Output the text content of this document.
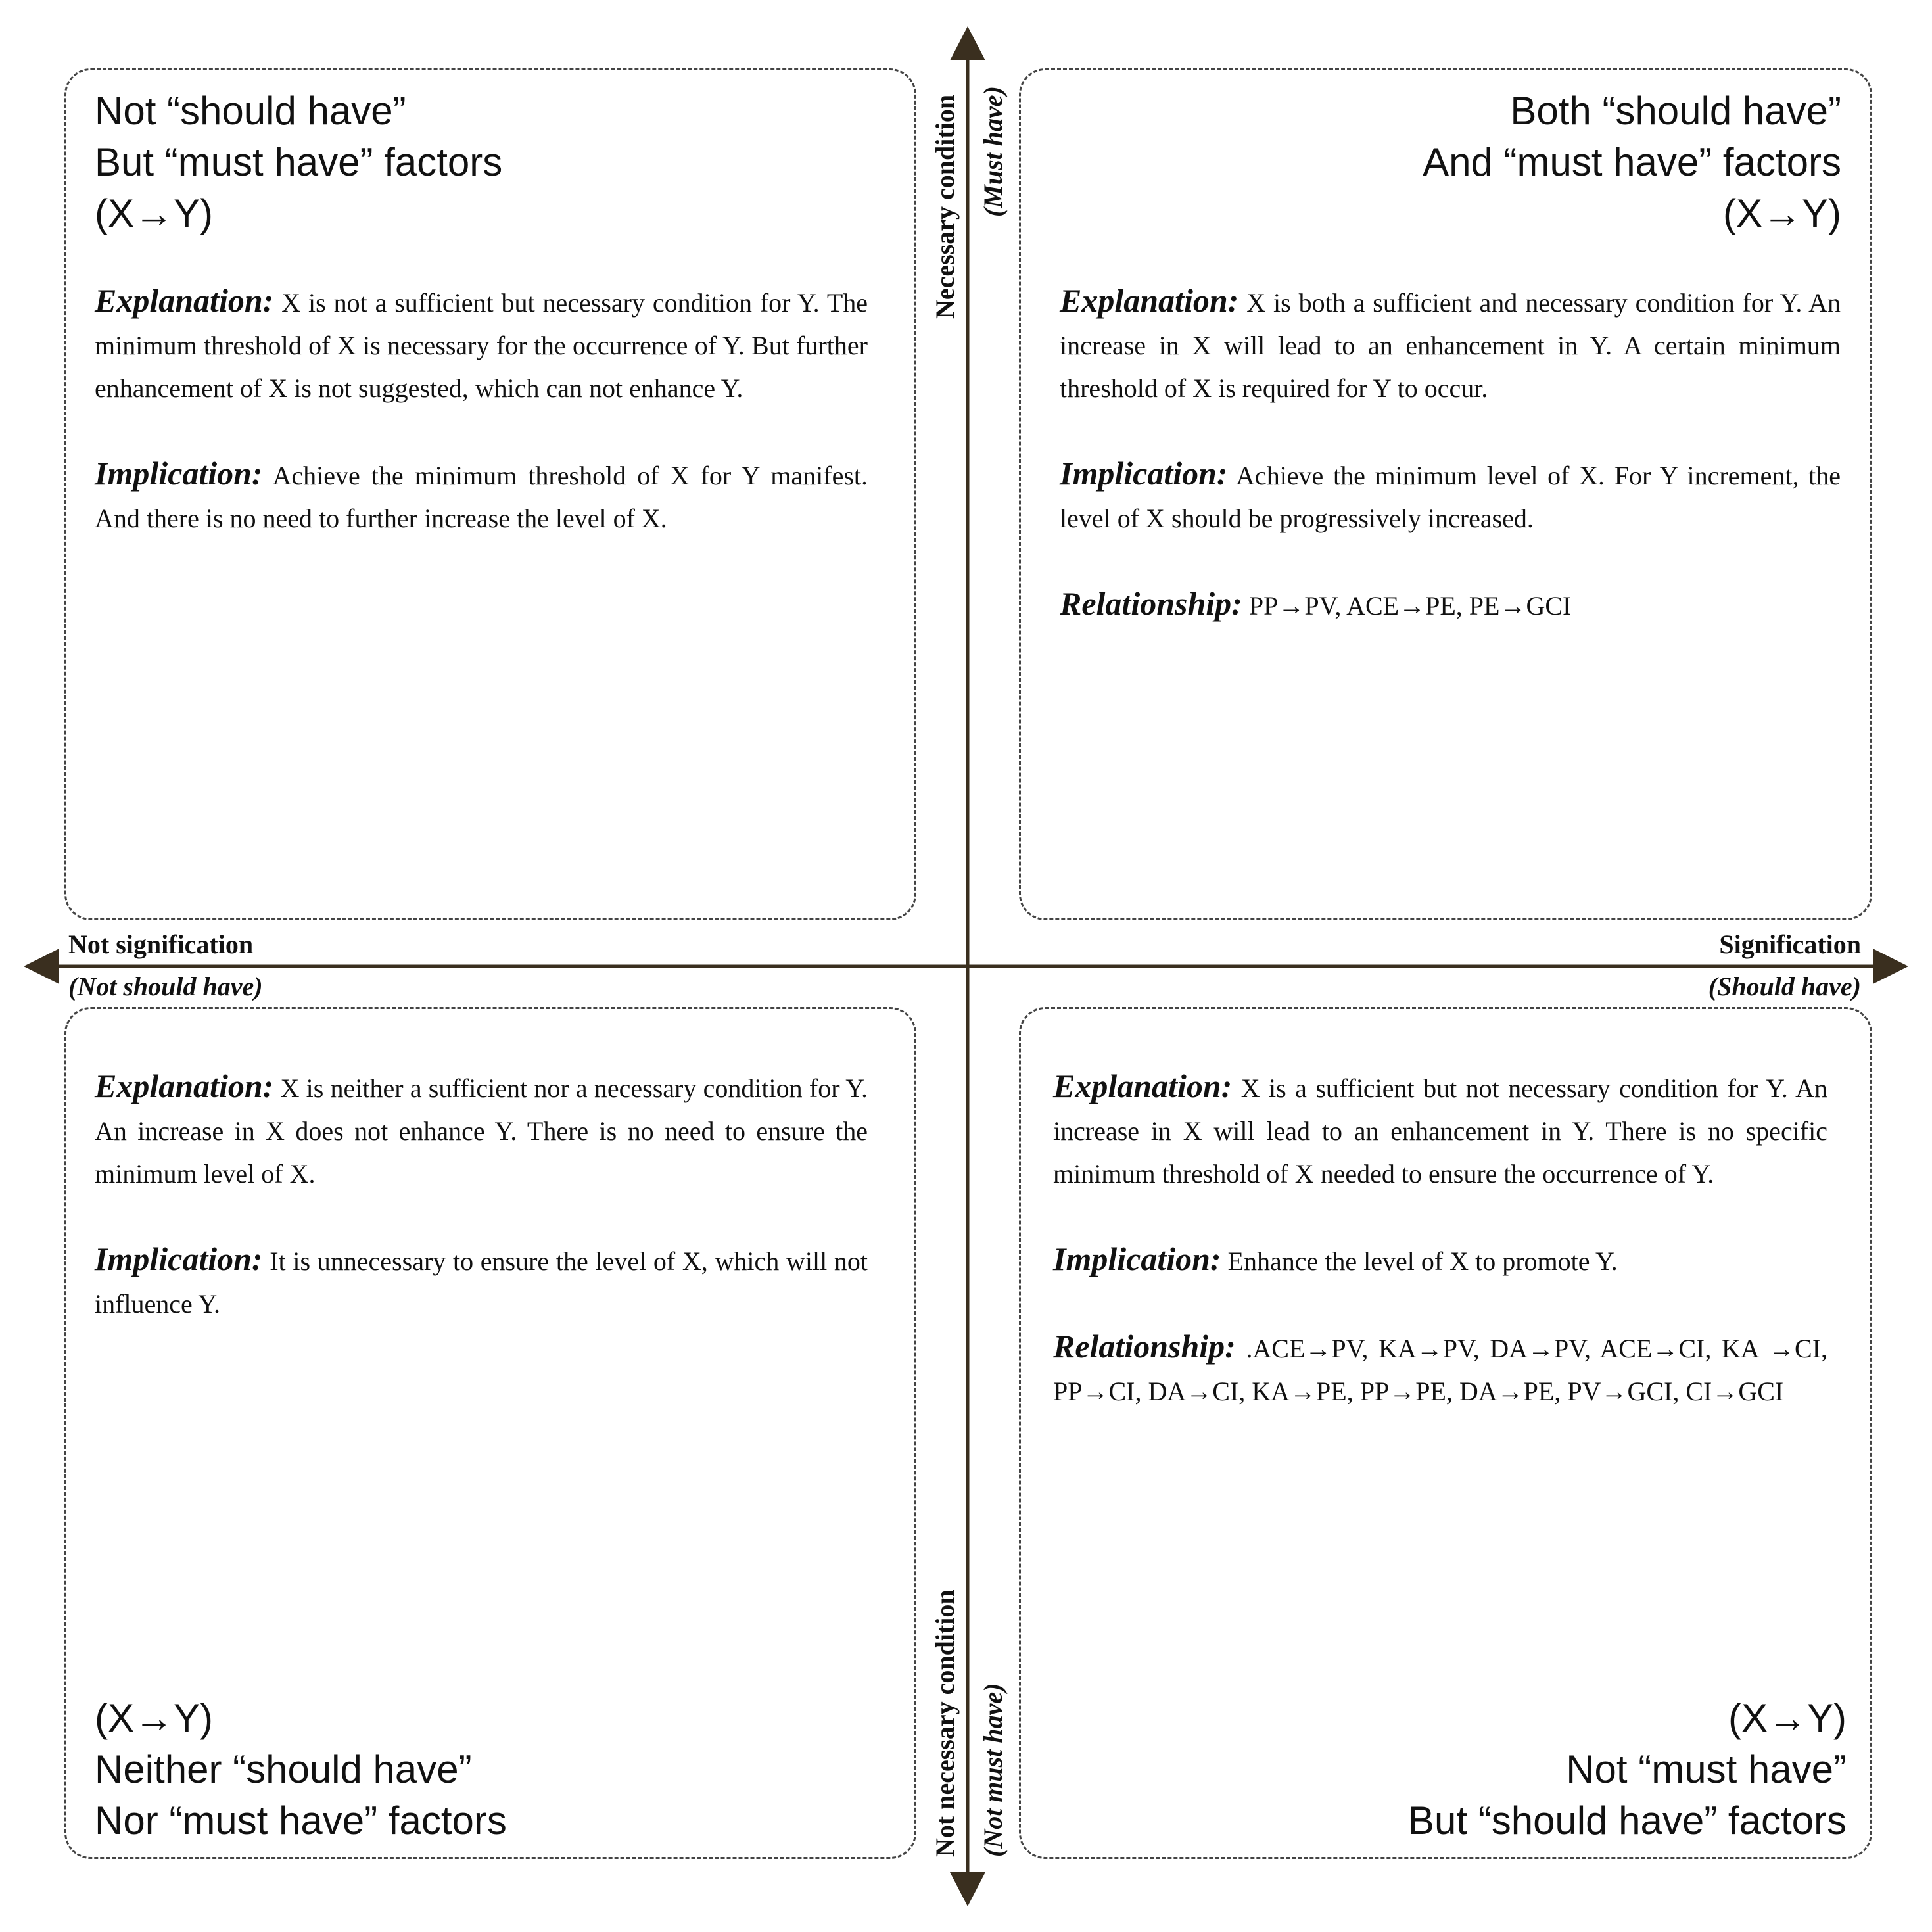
Necessary condition (Must have)
Not necessary condition (Not must have)
Not signification
(Not should have)
Signification
(Should have)
Not “should have”
But “must have” factors
(X→Y)

Explanation: X is not a sufficient but necessary condition for Y. The minimum threshold of X is necessary for the occurrence of Y. But further enhancement of X is not suggested, which can not enhance Y.

Implication: Achieve the minimum threshold of X for Y manifest. And there is no need to further increase the level of X.

Both “should have”
And “must have” factors
(X→Y)

Explanation: X is both a sufficient and necessary condition for Y. An increase in X will lead to an enhancement in Y. A certain minimum threshold of X is required for Y to occur.

Implication: Achieve the minimum level of X. For Y increment, the level of X should be progressively increased.

Relationship: PP→PV, ACE→PE, PE→GCI

Explanation: X is neither a sufficient nor a necessary condition for Y. An increase in X does not enhance Y. There is no need to ensure the minimum level of X.

Implication: It is unnecessary to ensure the level of X, which will not influence Y.

(X→Y)
Neither “should have”
Nor “must have” factors

Explanation: X is a sufficient but not necessary condition for Y. An increase in X will lead to an enhancement in Y. There is no specific minimum threshold of X needed to ensure the occurrence of Y.

Implication: Enhance the level of X to promote Y.

Relationship: .ACE→PV, KA→PV, DA→PV, ACE→CI, KA →CI, PP→CI, DA→CI, KA→PE, PP→PE, DA→PE, PV→GCI, CI→GCI

(X→Y)
Not “must have”
But “should have” factors
